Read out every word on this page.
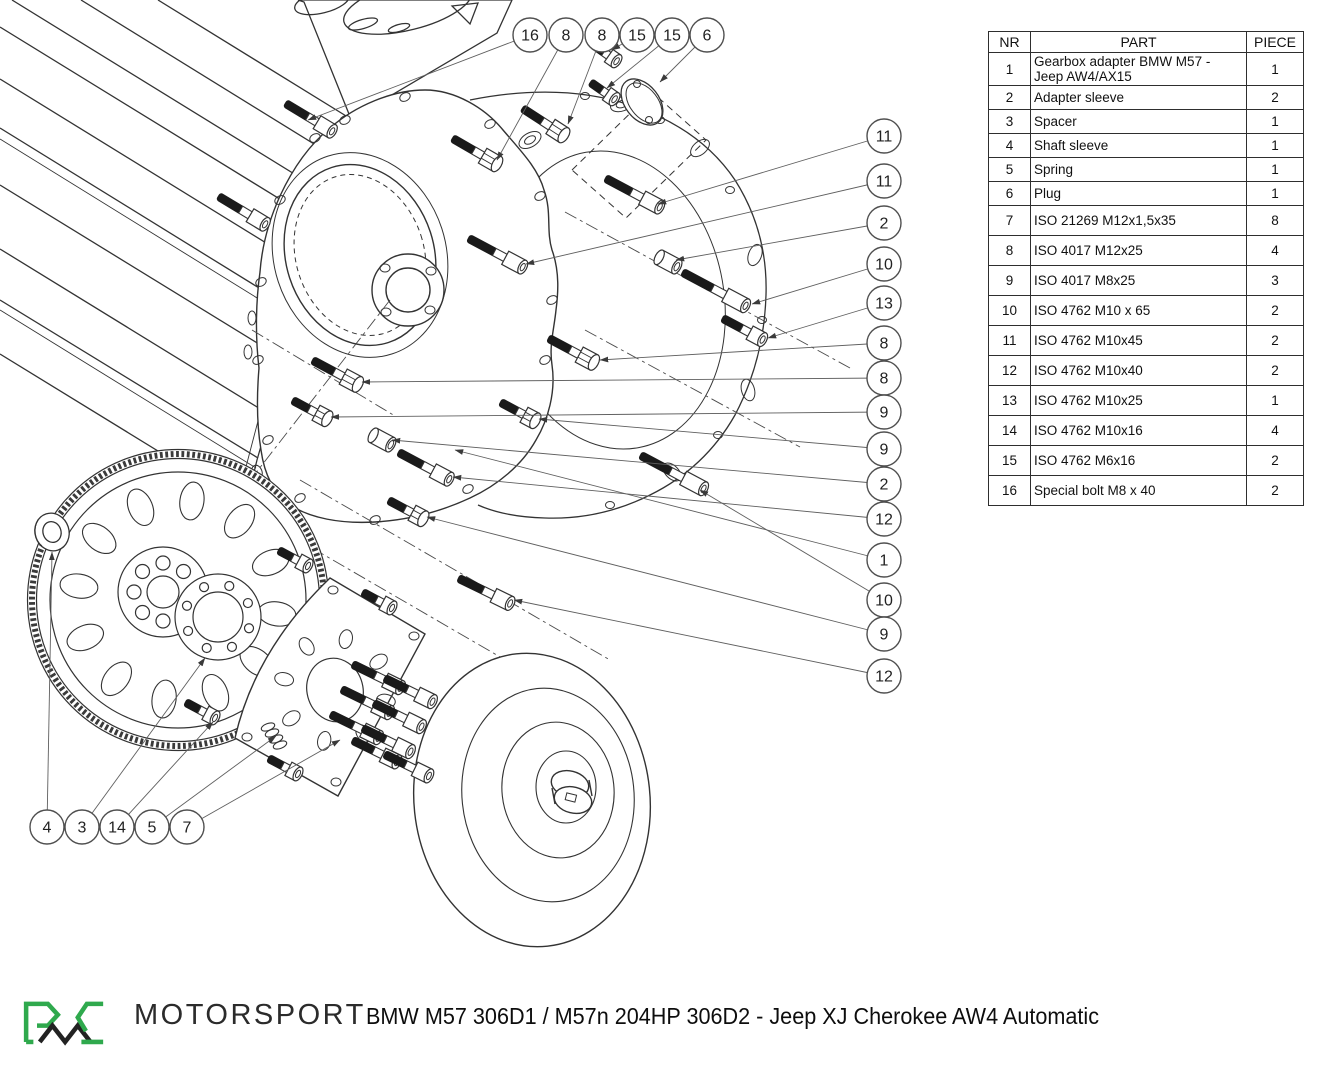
16 8 8 15 15 6
11
11
2
10
13
8
8
9
9
2
12
1
10
9
12
4 3 14 5 7
NR	PART	PIECE
1	Gearbox adapter BMW M57 - Jeep AW4/AX15	1
2	Adapter sleeve	2
3	Spacer	1
4	Shaft sleeve	1
5	Spring	1
6	Plug	1
7	ISO 21269 M12x1,5x35	8
8	ISO 4017 M12x25	4
9	ISO 4017 M8x25	3
10	ISO 4762 M10 x 65	2
11	ISO 4762 M10x45	2
12	ISO 4762 M10x40	2
13	ISO 4762 M10x25	1
14	ISO 4762 M10x16	4
15	ISO 4762 M6x16	2
16	Special bolt M8 x 40	2
MOTORSPORT BMW M57 306D1 / M57n 204HP 306D2 - Jeep XJ Cherokee AW4 Automatic
